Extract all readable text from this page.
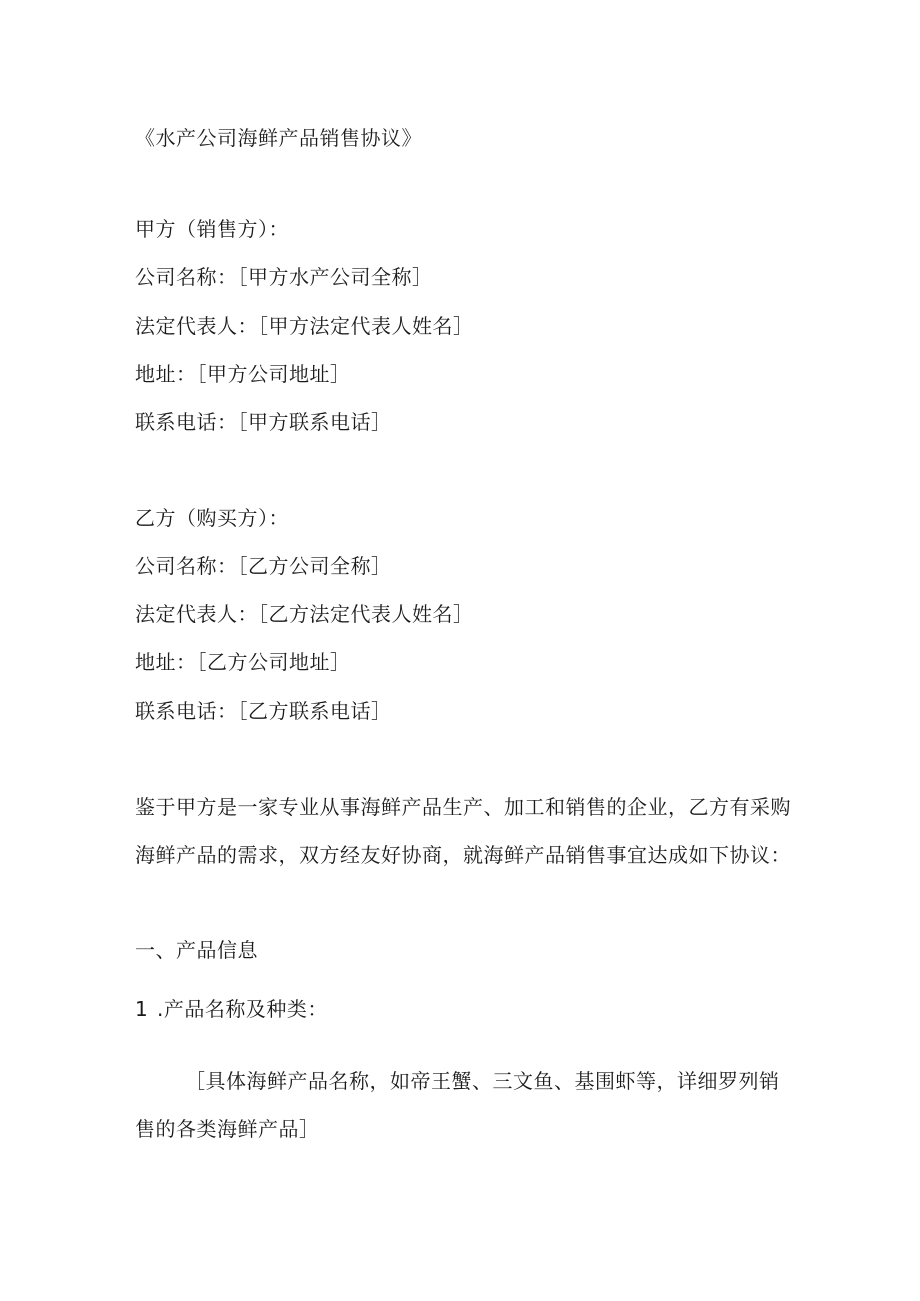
《水产公司海鲜产品销售协议》
甲方（销售方）：
公司名称：［甲方水产公司全称］
法定代表人：［甲方法定代表人姓名］
地址：［甲方公司地址］
联系电话：［甲方联系电话］
乙方（购买方）：
公司名称：［乙方公司全称］
法定代表人：［乙方法定代表人姓名］
地址：［乙方公司地址］
联系电话：［乙方联系电话］
鉴于甲方是一家专业从事海鲜产品生产、加工和销售的企业，乙方有采购
海鲜产品的需求，双方经友好协商，就海鲜产品销售事宜达成如下协议：
一、产品信息
1 .产品名称及种类：
［具体海鲜产品名称，如帝王蟹、三文鱼、基围虾等，详细罗列销
售的各类海鲜产品］
